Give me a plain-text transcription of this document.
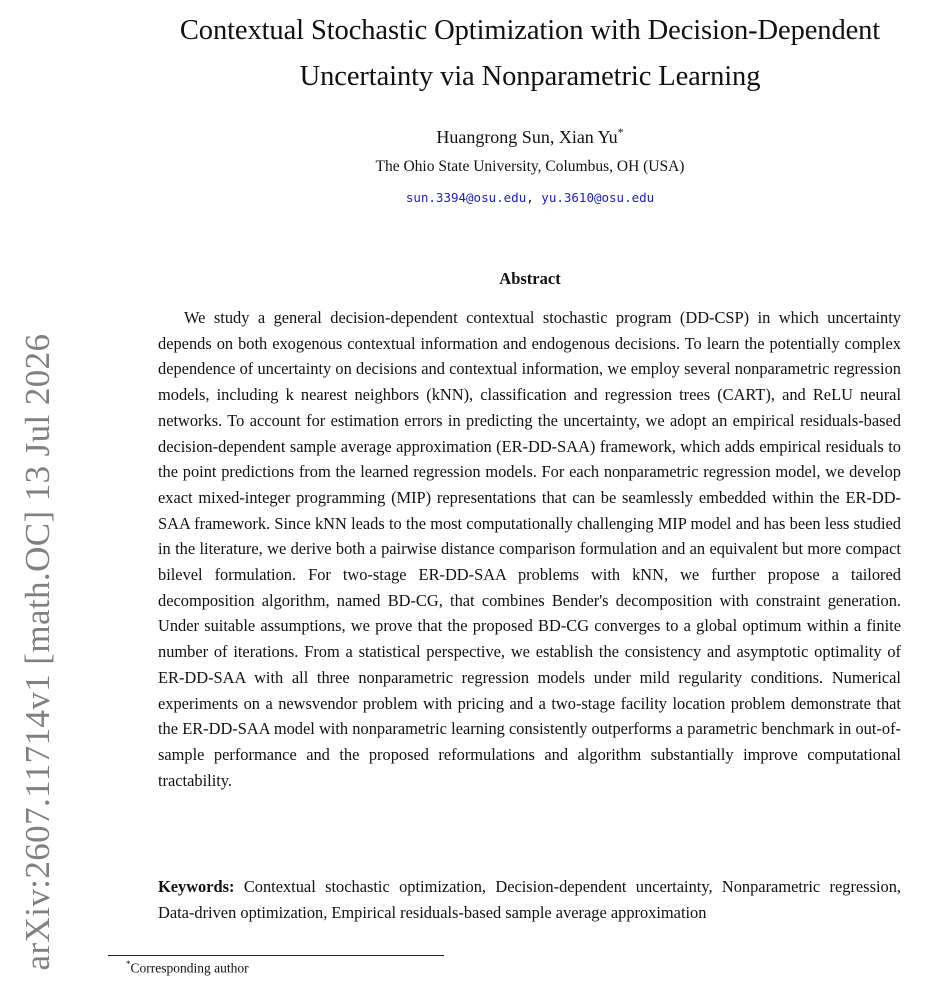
arXiv:2607.11714v1 [math.OC] 13 Jul 2026
Contextual Stochastic Optimization with Decision-Dependent
Uncertainty via Nonparametric Learning
Huangrong Sun, Xian Yu*
The Ohio State University, Columbus, OH (USA)
sun.3394@osu.edu, yu.3610@osu.edu
Abstract
We study a general decision-dependent contextual stochastic program (DD-CSP) in which uncertainty depends on both exogenous contextual information and endogenous decisions. To learn the potentially complex dependence of uncertainty on decisions and contextual information, we employ several nonparametric regression models, including k nearest neighbors (kNN), classification and regression trees (CART), and ReLU neural networks. To account for estimation errors in predicting the uncertainty, we adopt an empirical residuals-based decision-dependent sample average approximation (ER-DD-SAA) framework, which adds empirical residuals to the point predictions from the learned regression models. For each nonparametric regression model, we develop exact mixed-integer programming (MIP) representations that can be seamlessly embedded within the ER-DD-SAA framework. Since kNN leads to the most computationally challenging MIP model and has been less studied in the literature, we derive both a pairwise distance comparison formulation and an equivalent but more compact bilevel formulation. For two-stage ER-DD-SAA problems with kNN, we further propose a tailored decomposition algorithm, named BD-CG, that combines Bender's decomposition with constraint generation. Under suitable assumptions, we prove that the proposed BD-CG converges to a global optimum within a finite number of iterations. From a statistical perspective, we establish the consistency and asymptotic optimality of ER-DD-SAA with all three nonparametric regression models under mild regularity conditions. Numerical experiments on a newsvendor problem with pricing and a two-stage facility location problem demonstrate that the ER-DD-SAA model with nonparametric learning consistently outperforms a parametric benchmark in out-of-sample performance and the proposed reformulations and algorithm substantially improve computational tractability.
Keywords: Contextual stochastic optimization, Decision-dependent uncertainty, Nonparametric regression, Data-driven optimization, Empirical residuals-based sample average approximation
*Corresponding author
